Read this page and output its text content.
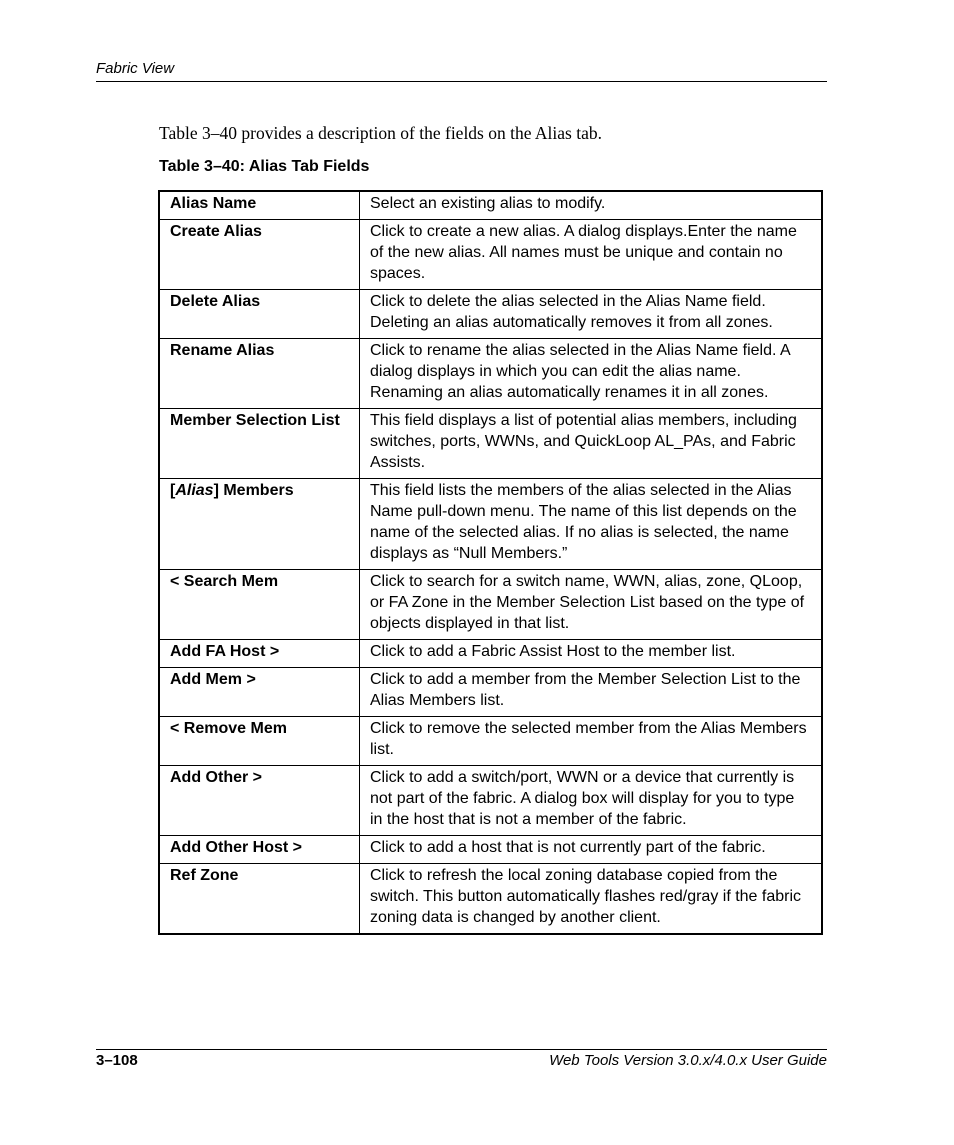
Fabric View
Table 3–40 provides a description of the fields on the Alias tab.
Table 3–40: Alias Tab Fields
Alias Name	Select an existing alias to modify.
Create Alias	Click to create a new alias. A dialog displays.Enter the name of the new alias. All names must be unique and contain no spaces.
Delete Alias	Click to delete the alias selected in the Alias Name field. Deleting an alias automatically removes it from all zones.
Rename Alias	Click to rename the alias selected in the Alias Name field. A dialog displays in which you can edit the alias name. Renaming an alias automatically renames it in all zones.
Member Selection List	This field displays a list of potential alias members, including switches, ports, WWNs, and QuickLoop AL_PAs, and Fabric Assists.
[Alias] Members	This field lists the members of the alias selected in the Alias Name pull-down menu. The name of this list depends on the name of the selected alias. If no alias is selected, the name displays as “Null Members.”
< Search Mem	Click to search for a switch name, WWN, alias, zone, QLoop, or FA Zone in the Member Selection List based on the type of objects displayed in that list.
Add FA Host >	Click to add a Fabric Assist Host to the member list.
Add Mem >	Click to add a member from the Member Selection List to the Alias Members list.
< Remove Mem	Click to remove the selected member from the Alias Members list.
Add Other >	Click to add a switch/port, WWN or a device that currently is not part of the fabric. A dialog box will display for you to type in the host that is not a member of the fabric.
Add Other Host >	Click to add a host that is not currently part of the fabric.
Ref Zone	Click to refresh the local zoning database copied from the switch. This button automatically flashes red/gray if the fabric zoning data is changed by another client.
3–108	Web Tools Version 3.0.x/4.0.x User Guide
